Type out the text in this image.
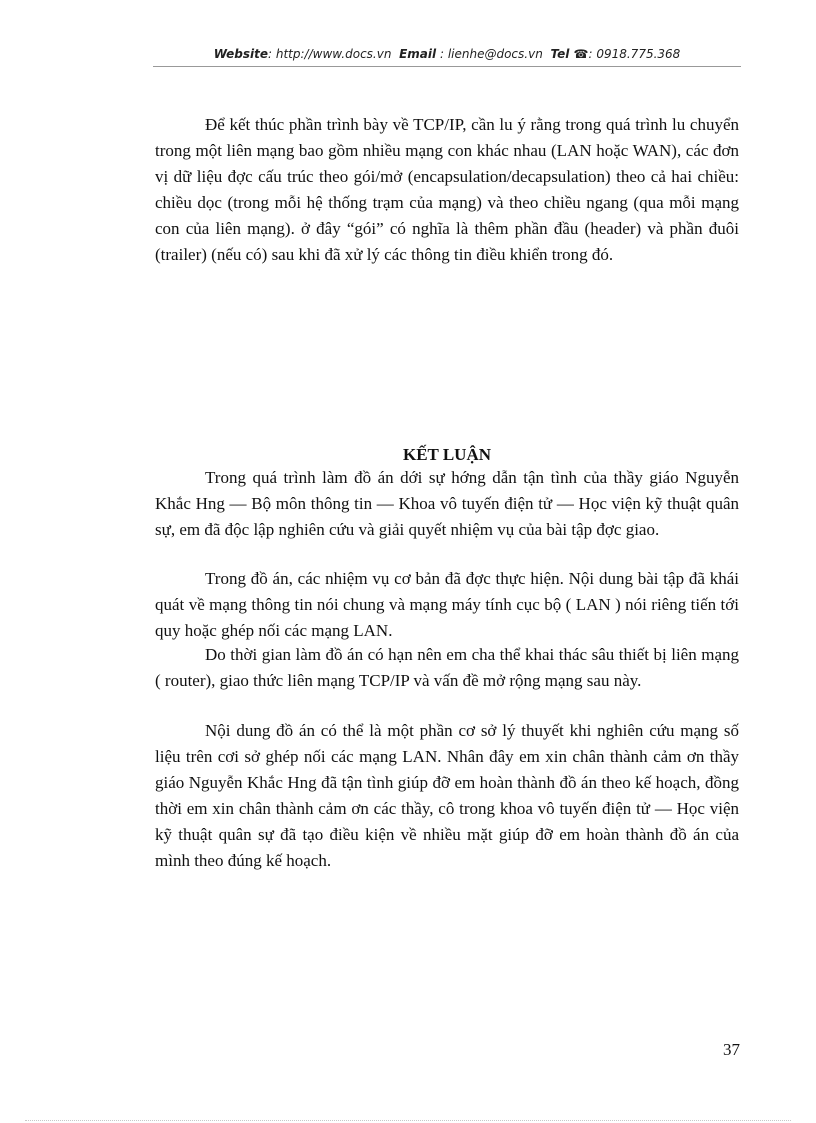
Website: http://www.docs.vn Email : lienhe@docs.vn Tel ☎: 0918.775.368

Để kết thúc phần trình bày về TCP/IP, cần lu ý rằng trong quá trình lu chuyển trong một liên mạng bao gồm nhiều mạng con khác nhau (LAN hoặc WAN), các đơn vị dữ liệu đợc cấu trúc theo gói/mở (encapsulation/decapsulation) theo cả hai chiều: chiều dọc (trong mỗi hệ thống trạm của mạng) và theo chiều ngang (qua mỗi mạng con của liên mạng). ở đây “gói” có nghĩa là thêm phần đầu (header) và phần đuôi (trailer) (nếu có) sau khi đã xử lý các thông tin điều khiển trong đó.

KẾT LUẬN

Trong quá trình làm đồ án dới sự hớng dẫn tận tình của thầy giáo Nguyễn Khắc Hng — Bộ môn thông tin — Khoa vô tuyến điện tử — Học viện kỹ thuật quân sự, em đã độc lập nghiên cứu và giải quyết nhiệm vụ của bài tập đợc giao.

Trong đồ án, các nhiệm vụ cơ bản đã đợc thực hiện. Nội dung bài tập đã khái quát về mạng thông tin nói chung và mạng máy tính cục bộ ( LAN ) nói riêng tiến tới quy hoặc ghép nối các mạng LAN.

Do thời gian làm đồ án có hạn nên em cha thể khai thác sâu thiết bị liên mạng ( router), giao thức liên mạng TCP/IP và vấn đề mở rộng mạng sau này.

Nội dung đồ án có thể là một phần cơ sở lý thuyết khi nghiên cứu mạng số liệu trên cơi sở ghép nối các mạng LAN. Nhân đây em xin chân thành cảm ơn thầy giáo Nguyễn Khắc Hng đã tận tình giúp đỡ em hoàn thành đồ án theo kế hoạch, đồng thời em xin chân thành cảm ơn các thầy, cô trong khoa vô tuyến điện tử — Học viện kỹ thuật quân sự đã tạo điều kiện về nhiều mặt giúp đỡ em hoàn thành đồ án của mình theo đúng kế hoạch.

37
